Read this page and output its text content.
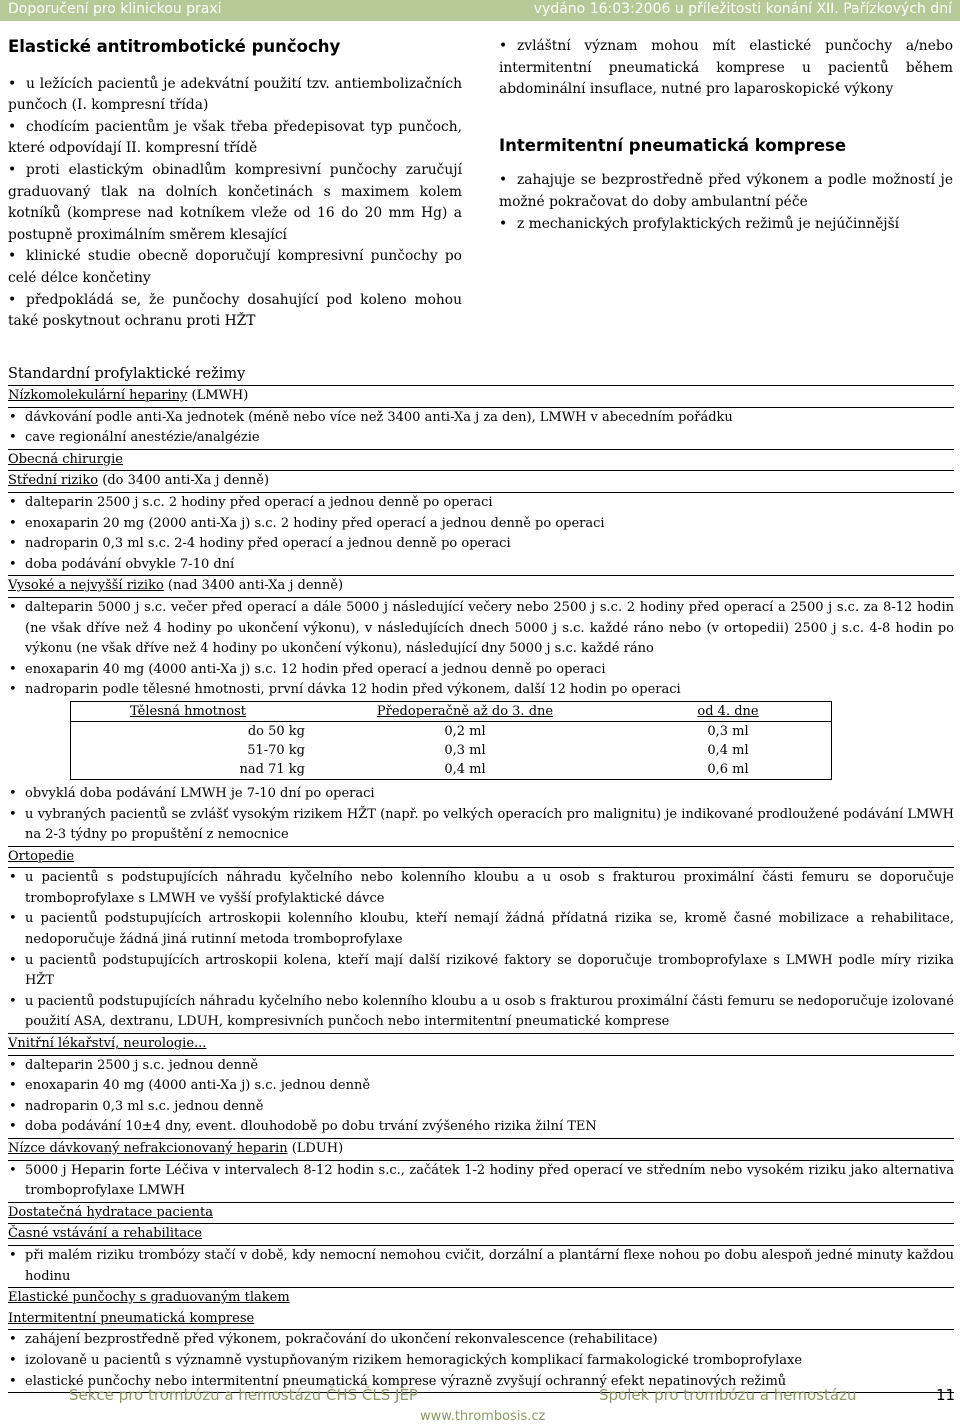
Doporučení pro klinickou praxi	vydáno 16:03:2006 u příležitosti konání XII. Pařízkových dní
Elastické antitrombotické punčochy
• u ležících pacientů je adekvátní použití tzv. antiembolizačních punčoch (I. kompresní třída)
• chodícím pacientům je však třeba předepisovat typ punčoch, které odpovídají II. kompresní třídě
• proti elastickým obinadlům kompresivní punčochy zaručují graduovaný tlak na dolních končetinách s maximem kolem kotníků (komprese nad kotníkem vleže od 16 do 20 mm Hg) a postupně proximálním směrem klesající
• klinické studie obecně doporučují kompresivní punčochy po celé délce končetiny
• předpokládá se, že punčochy dosahující pod koleno mohou také poskytnout ochranu proti HŽT
• zvláštní význam mohou mít elastické punčochy a/nebo intermitentní pneumatická komprese u pacientů během abdominální insuflace, nutné pro laparoskopické výkony
Intermitentní pneumatická komprese
• zahajuje se bezprostředně před výkonem a podle možností je možné pokračovat do doby ambulantní péče
• z mechanických profylaktických režimů je nejúčinnější
Standardní profylaktické režimy
Nízkomolekulární hepariny (LMWH)
• dávkování podle anti-Xa jednotek (méně nebo více než 3400 anti-Xa j za den), LMWH v abecedním pořádku
• cave regionální anestézie/analgézie
Obecná chirurgie
Střední riziko (do 3400 anti-Xa j denně)
• dalteparin 2500 j s.c. 2 hodiny před operací a jednou denně po operaci
• enoxaparin 20 mg (2000 anti-Xa j) s.c. 2 hodiny před operací a jednou denně po operaci
• nadroparin 0,3 ml s.c. 2-4 hodiny před operací a jednou denně po operaci
• doba podávání obvykle 7-10 dní
Vysoké a nejvyšší riziko (nad 3400 anti-Xa j denně)
• dalteparin 5000 j s.c. večer před operací a dále 5000 j následující večery nebo 2500 j s.c. 2 hodiny před operací a 2500 j s.c. za 8-12 hodin (ne však dříve než 4 hodiny po ukončení výkonu), v následujících dnech 5000 j s.c. každé ráno nebo (v ortopedii) 2500 j s.c. 4-8 hodin po výkonu (ne však dříve než 4 hodiny po ukončení výkonu), následující dny 5000 j s.c. každé ráno
• enoxaparin 40 mg (4000 anti-Xa j) s.c. 12 hodin před operací a jednou denně po operaci
• nadroparin podle tělesné hmotnosti, první dávka 12 hodin před výkonem, další 12 hodin po operaci
Tělesná hmotnost	Předoperačně až do 3. dne	od 4. dne
do 50 kg	0,2 ml	0,3 ml
51-70 kg	0,3 ml	0,4 ml
nad 71 kg	0,4 ml	0,6 ml
• obvyklá doba podávání LMWH je 7-10 dní po operaci
• u vybraných pacientů se zvlášť vysokým rizikem HŽT (např. po velkých operacích pro malignitu) je indikované prodloužené podávání LMWH na 2-3 týdny po propuštění z nemocnice
Ortopedie
• u pacientů s podstupujících náhradu kyčelního nebo kolenního kloubu a u osob s frakturou proximální části femuru se doporučuje tromboprofylaxe s LMWH ve vyšší profylaktické dávce
• u pacientů podstupujících artroskopii kolenního kloubu, kteří nemají žádná přídatná rizika se, kromě časné mobilizace a rehabilitace, nedoporučuje žádná jiná rutinní metoda tromboprofylaxe
• u pacientů podstupujících artroskopii kolena, kteří mají další rizikové faktory se doporučuje tromboprofylaxe s LMWH podle míry rizika HŽT
• u pacientů podstupujících náhradu kyčelního nebo kolenního kloubu a u osob s frakturou proximální části femuru se nedoporučuje izolované použití ASA, dextranu, LDUH, kompresivních punčoch nebo intermitentní pneumatické komprese
Vnitřní lékařství, neurologie...
• dalteparin 2500 j s.c. jednou denně
• enoxaparin 40 mg (4000 anti-Xa j) s.c. jednou denně
• nadroparin 0,3 ml s.c. jednou denně
• doba podávání 10±4 dny, event. dlouhodobě po dobu trvání zvýšeného rizika žilní TEN
Nízce dávkovaný nefrakcionovaný heparin (LDUH)
• 5000 j Heparin forte Léčiva v intervalech 8-12 hodin s.c., začátek 1-2 hodiny před operací ve středním nebo vysokém riziku jako alternativa tromboprofylaxe LMWH
Dostatečná hydratace pacienta
Časné vstávání a rehabilitace
• při malém riziku trombózy stačí v době, kdy nemocní nemohou cvičit, dorzální a plantární flexe nohou po dobu alespoň jedné minuty každou hodinu
Elastické punčochy s graduovaným tlakem
Intermitentní pneumatická komprese
• zahájení bezprostředně před výkonem, pokračování do ukončení rekonvalescence (rehabilitace)
• izolovaně u pacientů s významně vystupňovaným rizikem hemoragických komplikací farmakologické tromboprofylaxe
• elastické punčochy nebo intermitentní pneumatická komprese výrazně zvyšují ochranný efekt nepatinových režimů
Sekce pro trombózu a hemostázu ČHS ČLS JEP	Spolek pro trombózu a hemostázu	11
www.thrombosis.cz
